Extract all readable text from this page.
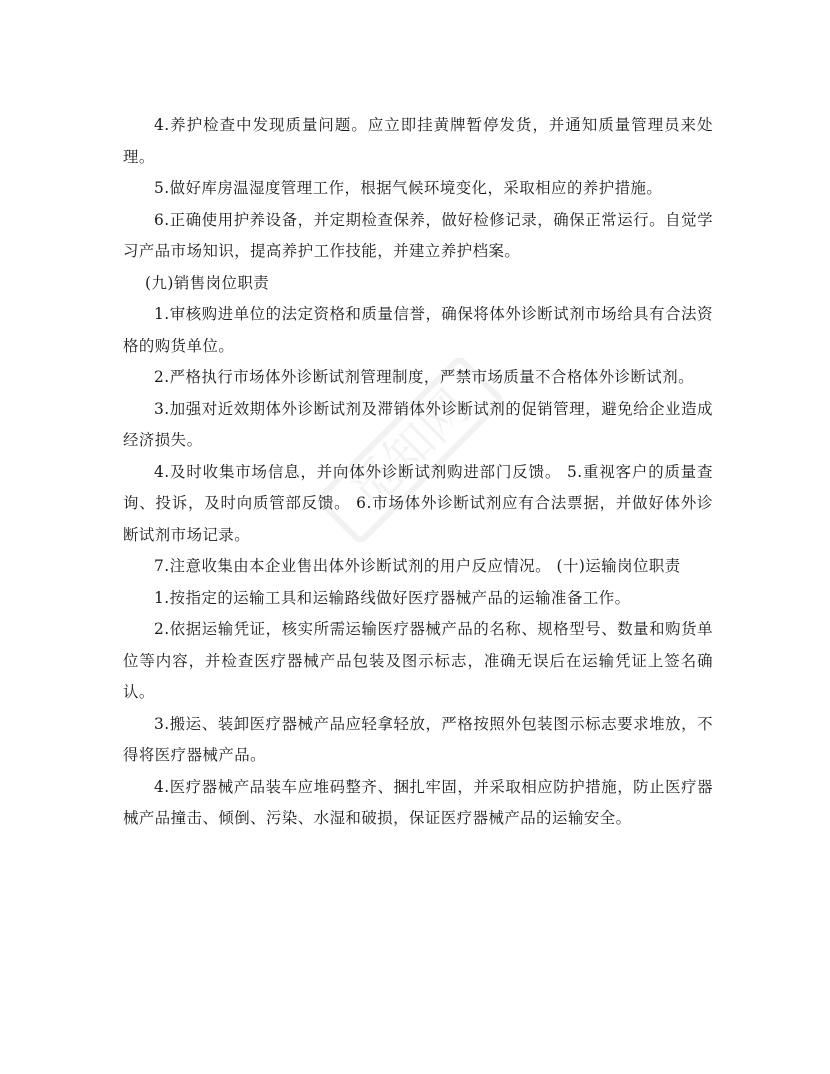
觅知网

4.养护检查中发现质量问题。应立即挂黄牌暂停发货，并通知质量管理员来处理。

5.做好库房温湿度管理工作，根据气候环境变化，采取相应的养护措施。

6.正确使用护养设备，并定期检查保养，做好检修记录，确保正常运行。自觉学习产品市场知识，提高养护工作技能，并建立养护档案。

(九)销售岗位职责

1.审核购进单位的法定资格和质量信誉，确保将体外诊断试剂市场给具有合法资格的购货单位。

2.严格执行市场体外诊断试剂管理制度，严禁市场质量不合格体外诊断试剂。

3.加强对近效期体外诊断试剂及滞销体外诊断试剂的促销管理，避免给企业造成经济损失。

4.及时收集市场信息，并向体外诊断试剂购进部门反馈。 5.重视客户的质量查询、投诉，及时向质管部反馈。 6.市场体外诊断试剂应有合法票据，并做好体外诊断试剂市场记录。

7.注意收集由本企业售出体外诊断试剂的用户反应情况。 (十)运输岗位职责

1.按指定的运输工具和运输路线做好医疗器械产品的运输准备工作。

2.依据运输凭证，核实所需运输医疗器械产品的名称、规格型号、数量和购货单位等内容，并检查医疗器械产品包装及图示标志，准确无误后在运输凭证上签名确认。

3.搬运、装卸医疗器械产品应轻拿轻放，严格按照外包装图示标志要求堆放，不得将医疗器械产品。

4.医疗器械产品装车应堆码整齐、捆扎牢固，并采取相应防护措施，防止医疗器械产品撞击、倾倒、污染、水湿和破损，保证医疗器械产品的运输安全。
